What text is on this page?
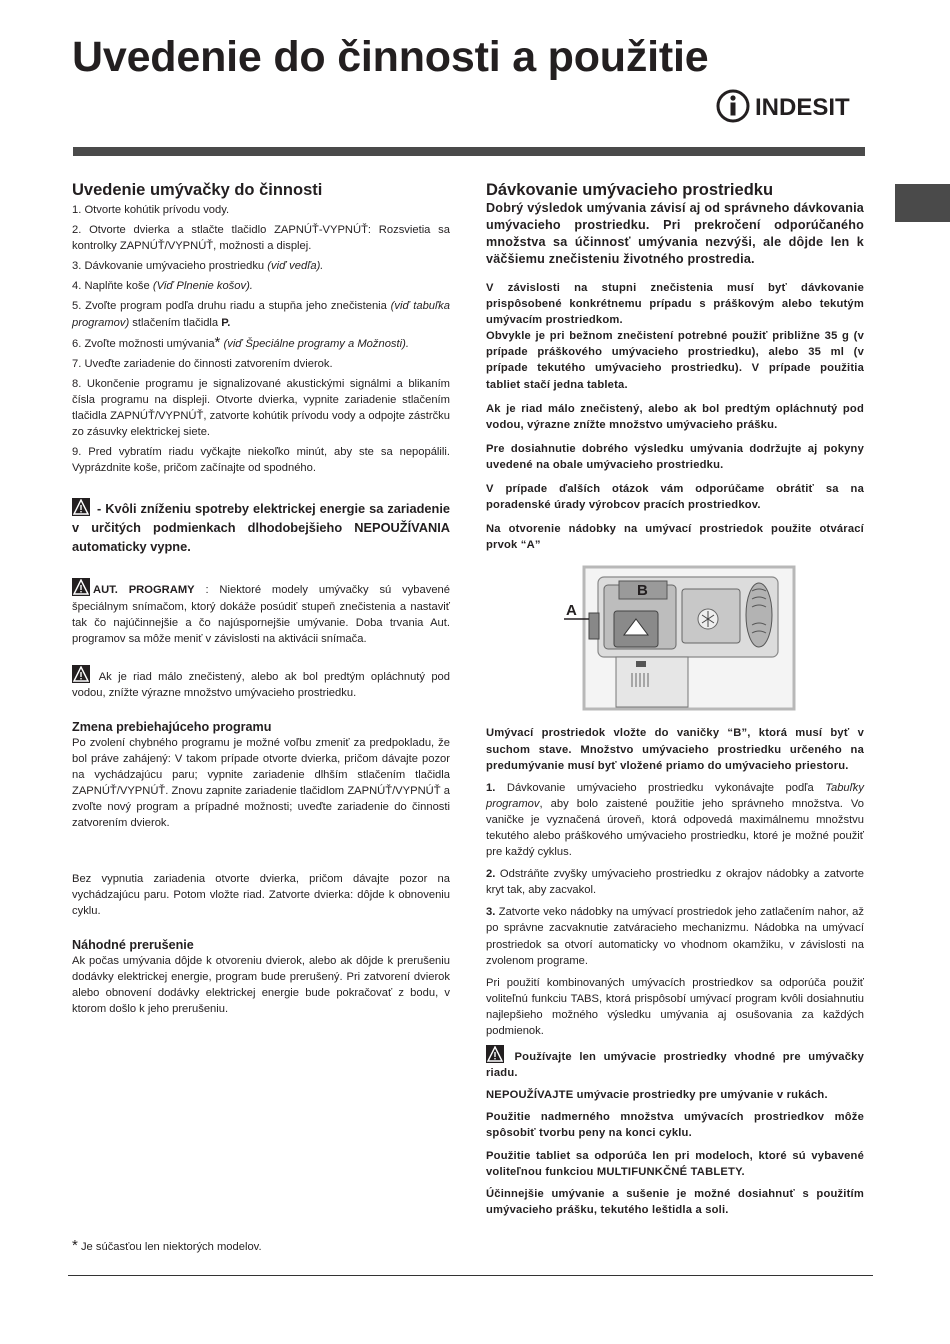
Uvedenie do činnosti a použitie
INDESIT
Uvedenie umývačky do činnosti

1. Otvorte kohútik prívodu vody.

2. Otvorte dvierka a stlačte tlačidlo ZAPNÚŤ-VYPNÚŤ: Rozsvietia sa kontrolky ZAPNÚŤ/VYPNÚŤ, možnosti a displej.

3. Dávkovanie umývacieho prostriedku (viď vedľa).

4. Naplňte koše (Viď Plnenie košov).

5. Zvoľte program podľa druhu riadu a stupňa jeho znečistenia (viď tabuľka programov) stlačením tlačidla P.

6. Zvoľte možnosti umývania* (viď Špeciálne programy a Možnosti).

7. Uveďte zariadenie do činnosti zatvorením dvierok.

8. Ukončenie programu je signalizované akustickými signálmi a blikaním čísla programu na displeji. Otvorte dvierka, vypnite zariadenie stlačením tlačidla ZAPNÚŤ/VYPNÚŤ, zatvorte kohútik prívodu vody a odpojte zástrčku zo zásuvky elektrickej siete.

9. Pred vybratím riadu vyčkajte niekoľko minút, aby ste sa nepopálili. Vyprázdnite koše, pričom začínajte od spodného.

- Kvôli zníženiu spotreby elektrickej energie sa zariadenie v určitých podmienkach dlhodobejšieho NEPOUŽÍVANIA automaticky vypne.

AUT. PROGRAMY : Niektoré modely umývačky sú vybavené špeciálnym snímačom, ktorý dokáže posúdiť stupeň znečistenia a nastaviť tak čo najúčinnejšie a čo najúspornejšie umývanie. Doba trvania Aut. programov sa môže meniť v závislosti na aktivácii snímača.

Ak je riad málo znečistený, alebo ak bol predtým opláchnutý pod vodou, znížte výrazne množstvo umývacieho prostriedku.

Zmena prebiehajúceho programu

Po zvolení chybného programu je možné voľbu zmeniť za predpokladu, že bol práve zahájený: V takom prípade otvorte dvierka, pričom dávajte pozor na vychádzajúcu paru; vypnite zariadenie dlhším stlačením tlačidla ZAPNÚŤ/VYPNÚŤ. Znovu zapnite zariadenie tlačidlom ZAPNÚŤ/VYPNÚŤ a zvoľte nový program a prípadné možnosti; uveďte zariadenie do činnosti zatvorením dvierok.

Bez vypnutia zariadenia otvorte dvierka, pričom dávajte pozor na vychádzajúcu paru. Potom vložte riad. Zatvorte dvierka: dôjde k obnoveniu cyklu.

Náhodné prerušenie

Ak počas umývania dôjde k otvoreniu dvierok, alebo ak dôjde k prerušeniu dodávky elektrickej energie, program bude prerušený. Pri zatvorení dvierok alebo obnovení dodávky elektrickej energie bude pokračovať z bodu, v ktorom došlo k jeho prerušeniu.

* Je súčasťou len niektorých modelov.
Dávkovanie umývacieho prostriedku

Dobrý výsledok umývania závisí aj od správneho dávkovania umývacieho prostriedku. Pri prekročení odporúčaného množstva sa účinnosť umývania nezvýši, ale dôjde len k väčšiemu znečisteniu životného prostredia.

V závislosti na stupni znečistenia musí byť dávkovanie prispôsobené konkrétnemu prípadu s práškovým alebo tekutým umývacím prostriedkom.

Obvykle je pri bežnom znečistení potrebné použiť približne 35 g (v prípade práškového umývacieho prostriedku), alebo 35 ml (v prípade tekutého umývacieho prostriedku). V prípade použitia tabliet stačí jedna tableta.

Ak je riad málo znečistený, alebo ak bol predtým opláchnutý pod vodou, výrazne znížte množstvo umývacieho prášku.

Pre dosiahnutie dobrého výsledku umývania dodržujte aj pokyny uvedené na obale umývacieho prostriedku.

V prípade ďalších otázok vám odporúčame obrátiť sa na poradenské úrady výrobcov pracích prostriedkov.

Na otvorenie nádobky na umývací prostriedok použite otvárací prvok “A”

A
B

Umývací prostriedok vložte do vaničky “B”, ktorá musí byť v suchom stave. Množstvo umývacieho prostriedku určeného na predumývanie musí byť vložené priamo do umývacieho priestoru.

1. Dávkovanie umývacieho prostriedku vykonávajte podľa Tabuľky programov, aby bolo zaistené použitie jeho správneho množstva. Vo vaničke je vyznačená úroveň, ktorá odpovedá maximálnemu množstvu tekutého alebo práškového umývacieho prostriedku, ktoré je možné použiť pre každý cyklus.

2. Odstráňte zvyšky umývacieho prostriedku z okrajov nádobky a zatvorte kryt tak, aby zacvakol.

3. Zatvorte veko nádobky na umývací prostriedok jeho zatlačením nahor, až po správne zacvaknutie zatváracieho mechanizmu. Nádobka na umývací prostriedok sa otvorí automaticky vo vhodnom okamžiku, v závislosti na zvolenom programe.

Pri použití kombinovaných umývacích prostriedkov sa odporúča použiť voliteľnú funkciu TABS, ktorá prispôsobí umývací program kvôli dosiahnutiu najlepšieho možného výsledku umývania aj osušovania za každých podmienok.

Používajte len umývacie prostriedky vhodné pre umývačky riadu.

NEPOUŽÍVAJTE umývacie prostriedky pre umývanie v rukách.

Použitie nadmerného množstva umývacích prostriedkov môže spôsobiť tvorbu peny na konci cyklu.

Použitie tabliet sa odporúča len pri modeloch, ktoré sú vybavené voliteľnou funkciou MULTIFUNKČNÉ TABLETY.

Účinnejšie umývanie a sušenie je možné dosiahnuť s použitím umývacieho prášku, tekutého leštidla a soli.
